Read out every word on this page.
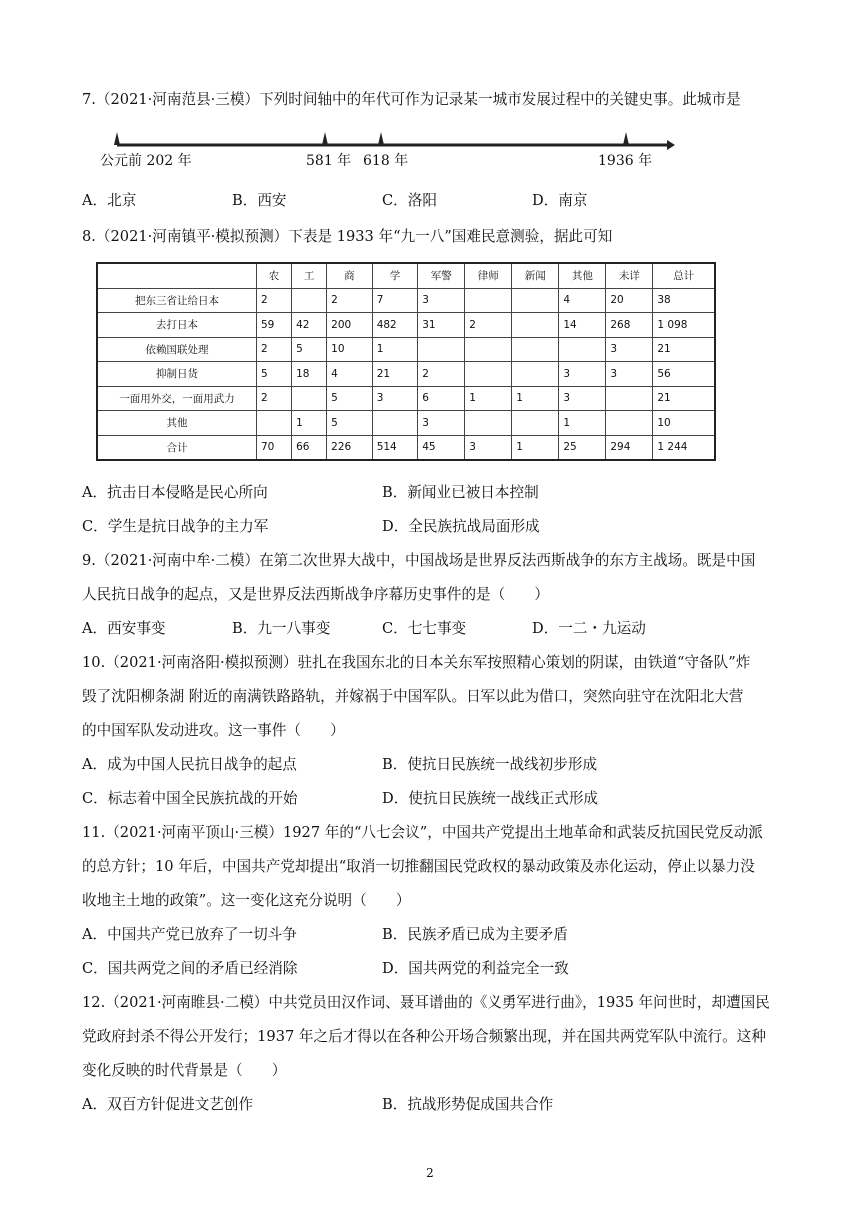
7.（2021·河南范县·三模）下列时间轴中的年代可作为记录某一城市发展过程中的关键史事。此城市是
公元前 202 年	581 年 618 年	1936 年
A．北京	B．西安	C．洛阳	D．南京
8.（2021·河南镇平·模拟预测）下表是 1933 年“九一八”国难民意测验，据此可知
	农	工	商	学	军警	律师	新闻	其他	未详	总计
把东三省让给日本	2		2	7	3			4	20	38
去打日本	59	42	200	482	31	2		14	268	1 098
依赖国联处理	2	5	10	1					3	21
抑制日货	5	18	4	21	2			3	3	56
一面用外交，一面用武力	2		5	3	6	1	1	3		21
其他		1	5		3			1		10
合计	70	66	226	514	45	3	1	25	294	1 244
A．抗击日本侵略是民心所向	B．新闻业已被日本控制
C．学生是抗日战争的主力军	D．全民族抗战局面形成
9.（2021·河南中牟·二模）在第二次世界大战中，中国战场是世界反法西斯战争的东方主战场。既是中国
人民抗日战争的起点，又是世界反法西斯战争序幕历史事件的是（　　）
A．西安事变	B．九一八事变	C．七七事变	D．一二・九运动
10.（2021·河南洛阳·模拟预测）驻扎在我国东北的日本关东军按照精心策划的阴谋，由铁道“守备队”炸
毁了沈阳柳条湖 附近的南满铁路路轨，并嫁祸于中国军队。日军以此为借口，突然向驻守在沈阳北大营
的中国军队发动进攻。这一事件（　　）
A．成为中国人民抗日战争的起点	B．使抗日民族统一战线初步形成
C．标志着中国全民族抗战的开始	D．使抗日民族统一战线正式形成
11.（2021·河南平顶山·三模）1927 年的“八七会议”，中国共产党提出土地革命和武装反抗国民党反动派
的总方针；10 年后，中国共产党却提出“取消一切推翻国民党政权的暴动政策及赤化运动，停止以暴力没
收地主土地的政策”。这一变化这充分说明（　　）
A．中国共产党已放弃了一切斗争	B．民族矛盾已成为主要矛盾
C．国共两党之间的矛盾已经消除	D．国共两党的利益完全一致
12.（2021·河南睢县·二模）中共党员田汉作词、聂耳谱曲的《义勇军进行曲》，1935 年问世时，却遭国民
党政府封杀不得公开发行；1937 年之后才得以在各种公开场合频繁出现，并在国共两党军队中流行。这种
变化反映的时代背景是（　　）
A．双百方针促进文艺创作	B．抗战形势促成国共合作
2
